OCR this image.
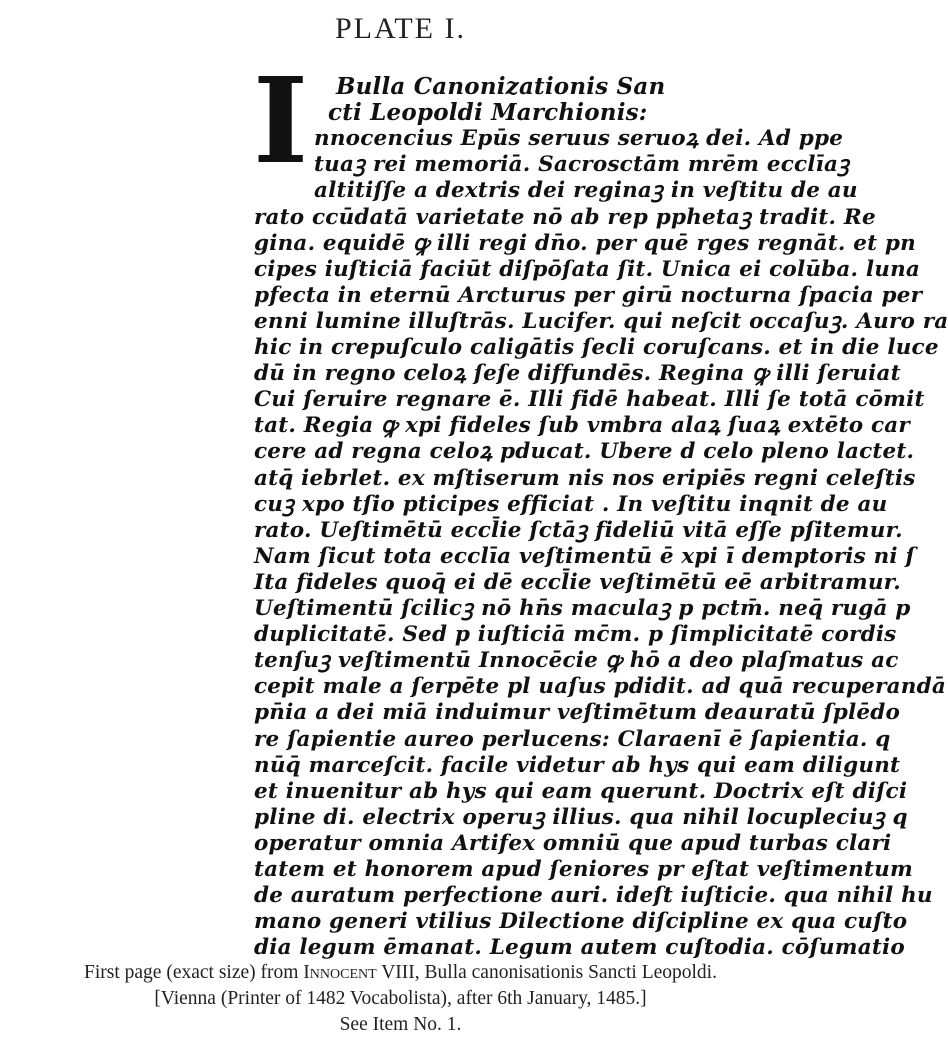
PLATE I.
I Bulla Canonizationis San
cti Leopoldi Marchionis:
nnocencius Epūs seruus seruoꝝ dei. Ad ppe
tuaꝫ rei memoriā. Sacrosctām mrēm ecclīaꝫ
altitiſſe a dextris dei reginaꝫ in veſtitu de au
rato ccūdatā varietate nō ab rep pphetaꝫ tradit. Re
gina. equidē ꝙ illi regi dn̄o. per quē rges regnāt. et pn
cipes iuſticiā faciūt diſpōſata ſit. Unica ei colūba. luna
pfecta in eternū Arcturus per girū nocturna ſpacia per
enni lumine illuſtrās. Lucifer. qui neſcit occaſuꝫ. Auro ra
hic in crepuſculo caligātis ſecli coruſcans. et in die luce
dū in regno celoꝝ ſeſe diffundēs. Regina ꝙ illi ſeruiat
Cui ſeruire regnare ē. Illi fidē habeat. Illi ſe totā cōmit
tat. Regia ꝙ xpi fideles ſub vmbra alaꝝ ſuaꝝ extēto car
cere ad regna celoꝝ pducat. Ubere d celo pleno lactet.
atq̄ iebrlet. ex mſtiserum nis nos eripiēs regni celeſtis
cuꝫ xpo tſio pticipes efficiat . In veſtitu inqnit de au
rato. Ueſtimētū eccl̄ie ſctāꝫ fideliū vitā eſſe pſitemur.
Nam ſicut tota ecclīa veſtimentū ē xpi ī demptoris ni ſ
Ita fideles quoq̄ ei dē eccl̄ie veſtimētū eē arbitramur.
Ueſtimentū ſcilicꝫ nō hn̄s maculaꝫ p pctm̄. neq̄ rugā p
duplicitatē. Sed p iuſticiā mc̄m. p ſimplicitatē cordis
tenſuꝫ veſtimentū Innocēcie ꝙ hō a deo plaſmatus ac
cepit male a ſerpēte pl uaſus pdidit. ad quā recuperandā
pn̄ia a dei miā induimur veſtimētum deauratū ſplēdo
re ſapientie aureo perlucens: Claraenī ē ſapientia. q
nūq̄ marceſcit. facile videtur ab hys qui eam diligunt
et inuenitur ab hys qui eam querunt. Doctrix eſt diſci
pline di. electrix operuꝫ illius. qua nihil locupleciuꝫ q
operatur omnia Artifex omniū que apud turbas clari
tatem et honorem apud ſeniores pr eſtat veſtimentum
de auratum perfectione auri. ideſt iuſticie. qua nihil hu
mano generi vtilius Dilectione diſcipline ex qua cuſto
dia legum ēmanat. Legum autem cuſtodia. cōſumatio
First page (exact size) from Innocent VIII, Bulla canonisationis Sancti Leopoldi.
[Vienna (Printer of 1482 Vocabolista), after 6th January, 1485.]
See Item No. 1.
